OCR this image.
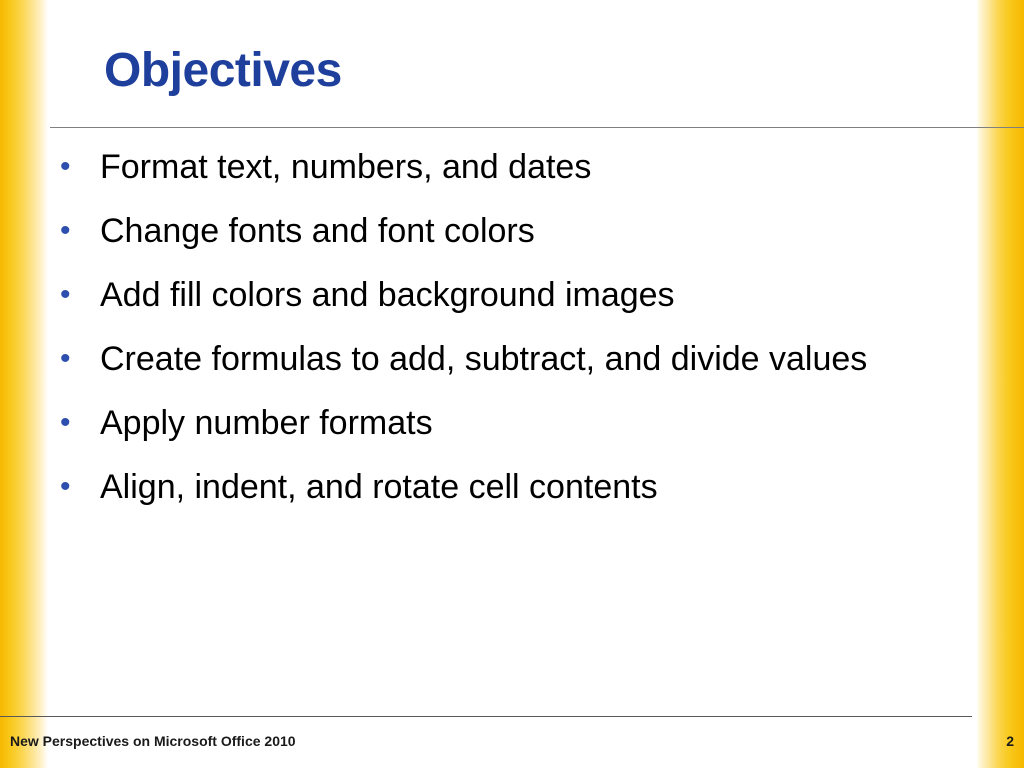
Objectives
• Format text, numbers, and dates
• Change fonts and font colors
• Add fill colors and background images
• Create formulas to add, subtract, and divide values
• Apply number formats
• Align, indent, and rotate cell contents
New Perspectives on Microsoft Office 2010	2
